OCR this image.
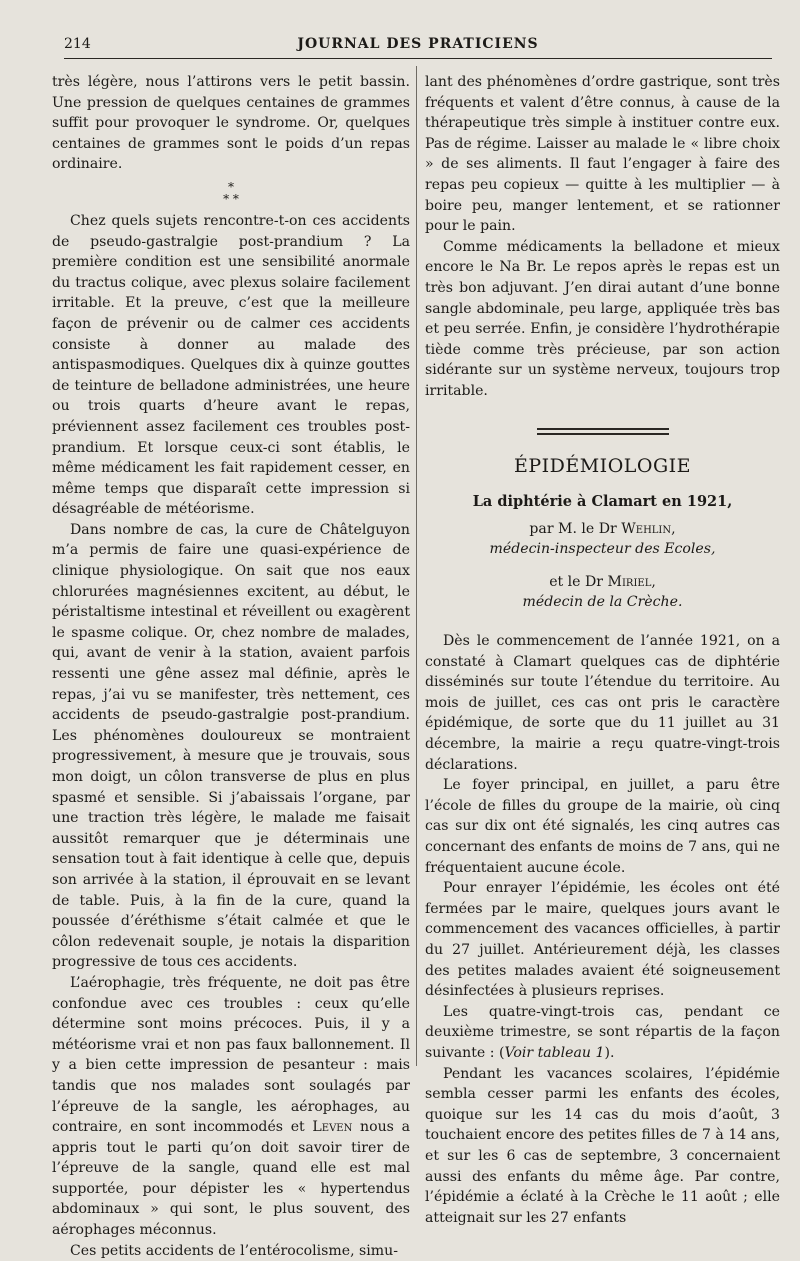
214	JOURNAL DES PRATICIENS

très légère, nous l’attirons vers le petit bassin. Une pression de quelques centaines de grammes suffit pour provoquer le syndrome. Or, quelques centaines de grammes sont le poids d’un repas ordinaire.

*
* *

Chez quels sujets rencontre-t-on ces accidents de pseudo-gastralgie post-prandium ? La première condition est une sensibilité anormale du tractus colique, avec plexus solaire facilement irritable. Et la preuve, c’est que la meilleure façon de prévenir ou de calmer ces accidents consiste à donner au malade des antispasmodiques. Quelques dix à quinze gouttes de teinture de belladone administrées, une heure ou trois quarts d’heure avant le repas, préviennent assez facilement ces troubles post-prandium. Et lorsque ceux-ci sont établis, le même médicament les fait rapidement cesser, en même temps que disparaît cette impression si désagréable de météorisme.

Dans nombre de cas, la cure de Châtelguyon m’a permis de faire une quasi-expérience de clinique physiologique. On sait que nos eaux chlorurées magnésiennes excitent, au début, le péristaltisme intestinal et réveillent ou exagèrent le spasme colique. Or, chez nombre de malades, qui, avant de venir à la station, avaient parfois ressenti une gêne assez mal définie, après le repas, j’ai vu se manifester, très nettement, ces accidents de pseudo-gastralgie post-prandium. Les phénomènes douloureux se montraient progressivement, à mesure que je trouvais, sous mon doigt, un côlon transverse de plus en plus spasmé et sensible. Si j’abaissais l’organe, par une traction très légère, le malade me faisait aussitôt remarquer que je déterminais une sensation tout à fait identique à celle que, depuis son arrivée à la station, il éprouvait en se levant de table. Puis, à la fin de la cure, quand la poussée d’éréthisme s’était calmée et que le côlon redevenait souple, je notais la disparition progressive de tous ces accidents.

L’aérophagie, très fréquente, ne doit pas être confondue avec ces troubles : ceux qu’elle détermine sont moins précoces. Puis, il y a météorisme vrai et non pas faux ballonnement. Il y a bien cette impression de pesanteur : mais tandis que nos malades sont soulagés par l’épreuve de la sangle, les aérophages, au contraire, en sont incommodés et Leven nous a appris tout le parti qu’on doit savoir tirer de l’épreuve de la sangle, quand elle est mal supportée, pour dépister les « hypertendus abdominaux » qui sont, le plus souvent, des aérophages méconnus.

Ces petits accidents de l’entérocolisme, simu-

lant des phénomènes d’ordre gastrique, sont très fréquents et valent d’être connus, à cause de la thérapeutique très simple à instituer contre eux. Pas de régime. Laisser au malade le « libre choix » de ses aliments. Il faut l’engager à faire des repas peu copieux — quitte à les multiplier — à boire peu, manger lentement, et se rationner pour le pain.

Comme médicaments la belladone et mieux encore le Na Br. Le repos après le repas est un très bon adjuvant. J’en dirai autant d’une bonne sangle abdominale, peu large, appliquée très bas et peu serrée. Enfin, je considère l’hydrothérapie tiède comme très précieuse, par son action sidérante sur un système nerveux, toujours trop irritable.

ÉPIDÉMIOLOGIE
La diphtérie à Clamart en 1921,

par M. le Dr Wehlin,

médecin-inspecteur des Ecoles,

et le Dr Miriel,

médecin de la Crèche.

Dès le commencement de l’année 1921, on a constaté à Clamart quelques cas de diphtérie disséminés sur toute l’étendue du territoire. Au mois de juillet, ces cas ont pris le caractère épidémique, de sorte que du 11 juillet au 31 décembre, la mairie a reçu quatre-vingt-trois déclarations.

Le foyer principal, en juillet, a paru être l’école de filles du groupe de la mairie, où cinq cas sur dix ont été signalés, les cinq autres cas concernant des enfants de moins de 7 ans, qui ne fréquentaient aucune école.

Pour enrayer l’épidémie, les écoles ont été fermées par le maire, quelques jours avant le commencement des vacances officielles, à partir du 27 juillet. Antérieurement déjà, les classes des petites malades avaient été soigneusement désinfectées à plusieurs reprises.

Les quatre-vingt-trois cas, pendant ce deuxième trimestre, se sont répartis de la façon suivante : (Voir tableau 1).

Pendant les vacances scolaires, l’épidémie sembla cesser parmi les enfants des écoles, quoique sur les 14 cas du mois d’août, 3 touchaient encore des petites filles de 7 à 14 ans, et sur les 6 cas de septembre, 3 concernaient aussi des enfants du même âge. Par contre, l’épidémie a éclaté à la Crèche le 11 août ; elle atteignait sur les 27 enfants
